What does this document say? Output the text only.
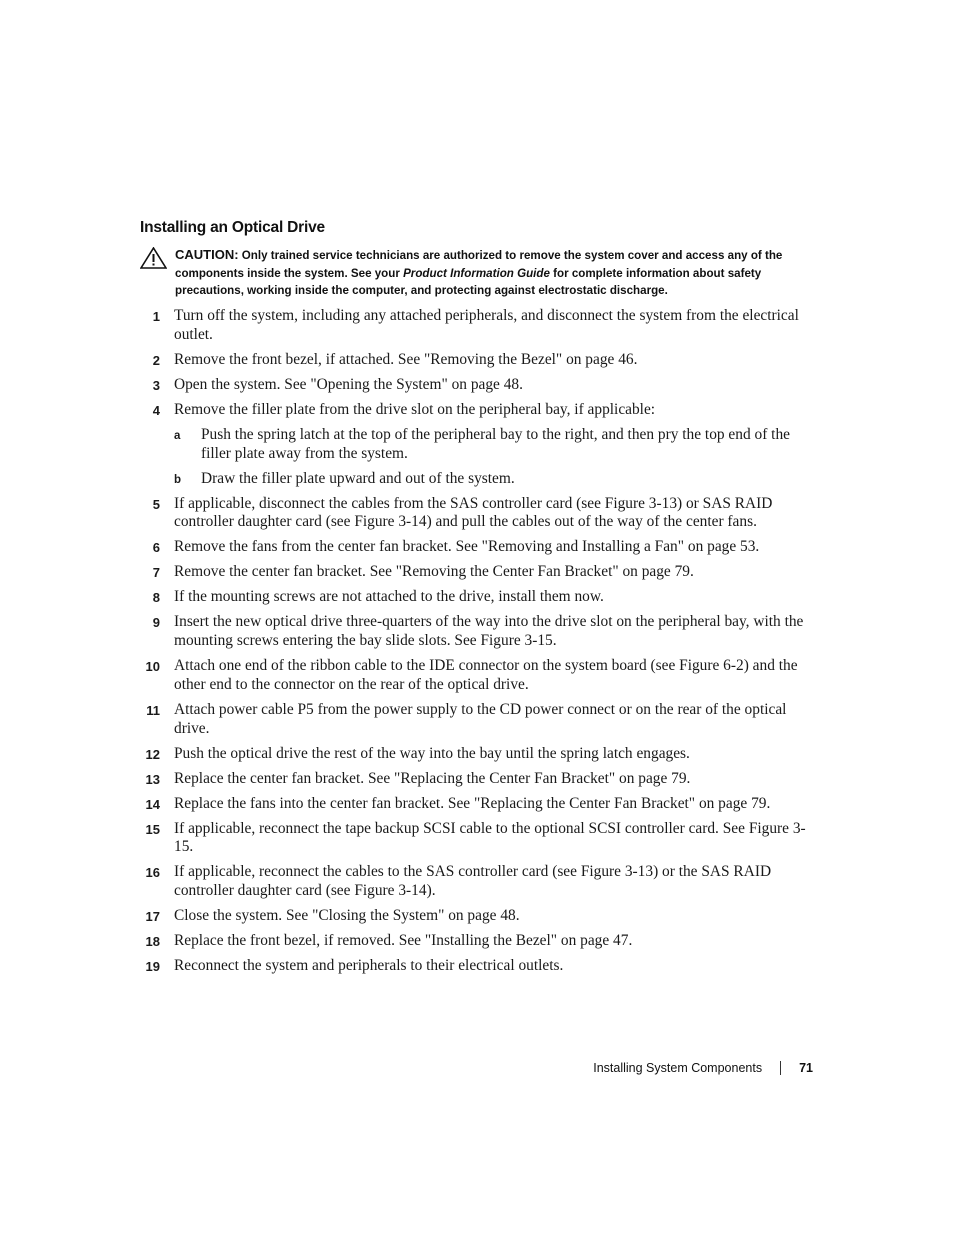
Installing an Optical Drive
CAUTION: Only trained service technicians are authorized to remove the system cover and access any of the components inside the system. See your Product Information Guide for complete information about safety precautions, working inside the computer, and protecting against electrostatic discharge.
1 Turn off the system, including any attached peripherals, and disconnect the system from the electrical outlet.
2 Remove the front bezel, if attached. See "Removing the Bezel" on page 46.
3 Open the system. See "Opening the System" on page 48.
4 Remove the filler plate from the drive slot on the peripheral bay, if applicable:
a Push the spring latch at the top of the peripheral bay to the right, and then pry the top end of the filler plate away from the system.
b Draw the filler plate upward and out of the system.
5 If applicable, disconnect the cables from the SAS controller card (see Figure 3-13) or SAS RAID controller daughter card (see Figure 3-14) and pull the cables out of the way of the center fans.
6 Remove the fans from the center fan bracket. See "Removing and Installing a Fan" on page 53.
7 Remove the center fan bracket. See "Removing the Center Fan Bracket" on page 79.
8 If the mounting screws are not attached to the drive, install them now.
9 Insert the new optical drive three-quarters of the way into the drive slot on the peripheral bay, with the mounting screws entering the bay slide slots. See Figure 3-15.
10 Attach one end of the ribbon cable to the IDE connector on the system board (see Figure 6-2) and the other end to the connector on the rear of the optical drive.
11 Attach power cable P5 from the power supply to the CD power connect or on the rear of the optical drive.
12 Push the optical drive the rest of the way into the bay until the spring latch engages.
13 Replace the center fan bracket. See "Replacing the Center Fan Bracket" on page 79.
14 Replace the fans into the center fan bracket. See "Replacing the Center Fan Bracket" on page 79.
15 If applicable, reconnect the tape backup SCSI cable to the optional SCSI controller card. See Figure 3-15.
16 If applicable, reconnect the cables to the SAS controller card (see Figure 3-13) or the SAS RAID controller daughter card (see Figure 3-14).
17 Close the system. See "Closing the System" on page 48.
18 Replace the front bezel, if removed. See "Installing the Bezel" on page 47.
19 Reconnect the system and peripherals to their electrical outlets.
Installing System Components	71
